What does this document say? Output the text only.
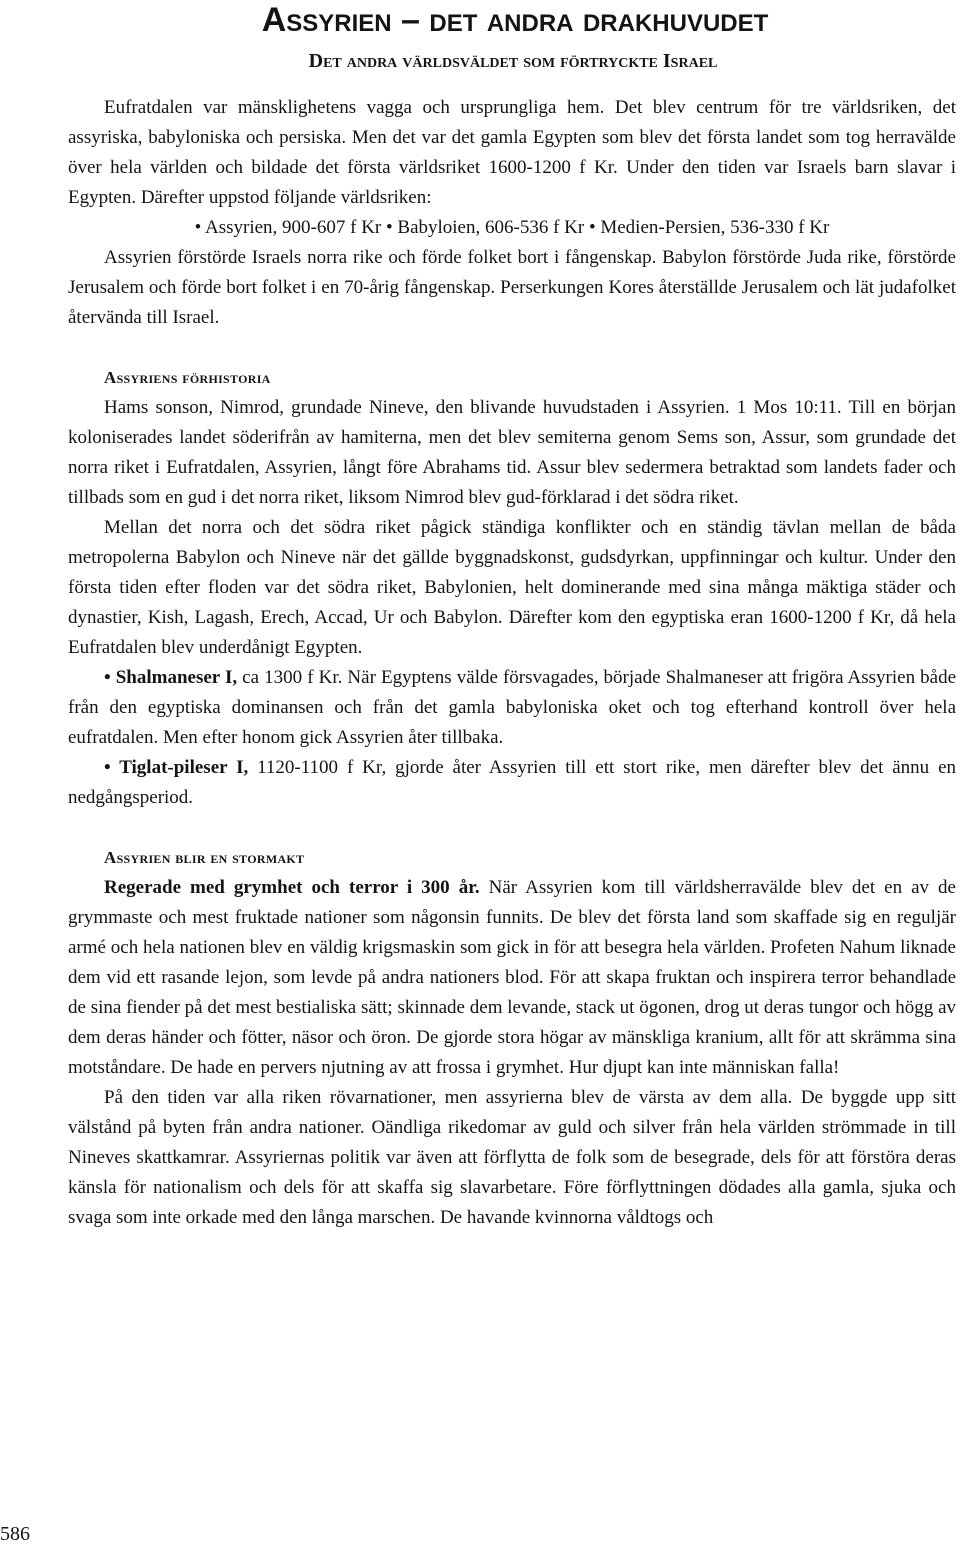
Assyrien – det andra drakhuvudet
Det andra världsväldet som förtryckte Israel

Eufratdalen var mänsklighetens vagga och ursprungliga hem. Det blev centrum för tre världsriken, det assyriska, babyloniska och persiska. Men det var det gamla Egypten som blev det första landet som tog herravälde över hela världen och bildade det första världsriket 1600-1200 f Kr. Under den tiden var Israels barn slavar i Egypten. Därefter uppstod följande världsriken:

• Assyrien, 900-607 f Kr • Babyloien, 606-536 f Kr • Medien-Persien, 536-330 f Kr

Assyrien förstörde Israels norra rike och förde folket bort i fångenskap. Babylon förstörde Juda rike, förstörde Jerusalem och förde bort folket i en 70-årig fångenskap. Perserkungen Kores återställde Jerusalem och lät judafolket återvända till Israel.

Assyriens förhistoria

Hams sonson, Nimrod, grundade Nineve, den blivande huvudstaden i Assyrien. 1 Mos 10:11. Till en början koloniserades landet söderifrån av hamiterna, men det blev semiterna genom Sems son, Assur, som grundade det norra riket i Eufratdalen, Assyrien, långt före Abrahams tid. Assur blev sedermera betraktad som landets fader och tillbads som en gud i det norra riket, liksom Nimrod blev gud-förklarad i det södra riket.

Mellan det norra och det södra riket pågick ständiga konflikter och en ständig tävlan mellan de båda metropolerna Babylon och Nineve när det gällde byggnadskonst, gudsdyrkan, uppfinningar och kultur. Under den första tiden efter floden var det södra riket, Babylonien, helt dominerande med sina många mäktiga städer och dynastier, Kish, Lagash, Erech, Accad, Ur och Babylon. Därefter kom den egyptiska eran 1600-1200 f Kr, då hela Eufratdalen blev underdånigt Egypten.

• Shalmaneser I, ca 1300 f Kr. När Egyptens välde försvagades, började Shalmaneser att frigöra Assyrien både från den egyptiska dominansen och från det gamla babyloniska oket och tog efterhand kontroll över hela eufratdalen. Men efter honom gick Assyrien åter tillbaka.

• Tiglat-pileser I, 1120-1100 f Kr, gjorde åter Assyrien till ett stort rike, men därefter blev det ännu en nedgångsperiod.

Assyrien blir en stormakt

Regerade med grymhet och terror i 300 år. När Assyrien kom till världsherravälde blev det en av de grymmaste och mest fruktade nationer som någonsin funnits. De blev det första land som skaffade sig en reguljär armé och hela nationen blev en väldig krigsmaskin som gick in för att besegra hela världen. Profeten Nahum liknade dem vid ett rasande lejon, som levde på andra nationers blod. För att skapa fruktan och inspirera terror behandlade de sina fiender på det mest bestialiska sätt; skinnade dem levande, stack ut ögonen, drog ut deras tungor och högg av dem deras händer och fötter, näsor och öron. De gjorde stora högar av mänskliga kranium, allt för att skrämma sina motståndare. De hade en pervers njutning av att frossa i grymhet. Hur djupt kan inte människan falla!

På den tiden var alla riken rövarnationer, men assyrierna blev de värsta av dem alla. De byggde upp sitt välstånd på byten från andra nationer. Oändliga rikedomar av guld och silver från hela världen strömmade in till Nineves skattkamrar. Assyriernas politik var även att förflytta de folk som de besegrade, dels för att förstöra deras känsla för nationalism och dels för att skaffa sig slavarbetare. Före förflyttningen dödades alla gamla, sjuka och svaga som inte orkade med den långa marschen. De havande kvinnorna våldtogs och

586
